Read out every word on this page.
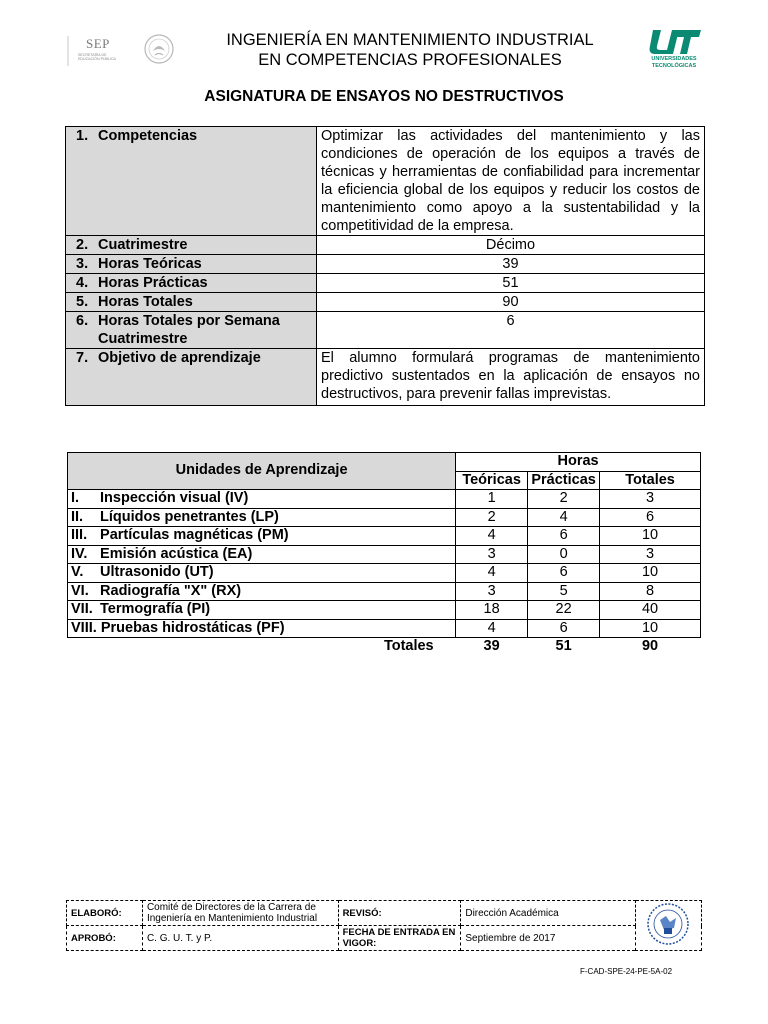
SEP
SECRETARÍA DE EDUCACIÓN PÚBLICA
INGENIERÍA EN MANTENIMIENTO INDUSTRIAL
EN COMPETENCIAS PROFESIONALES	UNIVERSIDADES
TECNOLÓGICAS
ASIGNATURA DE ENSAYOS NO DESTRUCTIVOS
1. Competencias	Optimizar las actividades del mantenimiento y las condiciones de operación de los equipos a través de técnicas y herramientas de confiabilidad para incrementar la eficiencia global de los equipos y reducir los costos de mantenimiento como apoyo a la sustentabilidad y la competitividad de la empresa.
2. Cuatrimestre	Décimo
3. Horas Teóricas	39
4. Horas Prácticas	51
5. Horas Totales	90
6. Horas Totales por Semana
Cuatrimestre	6
7. Objetivo de aprendizaje	El alumno formulará programas de mantenimiento predictivo sustentados en la aplicación de ensayos no destructivos, para prevenir fallas imprevistas.
Unidades de Aprendizaje	Horas		
	Teóricas	Prácticas	Totales
I. Inspección visual (IV)	1	2	3
II. Líquidos penetrantes (LP)	2	4	6
III. Partículas magnéticas (PM)	4	6	10
IV. Emisión acústica (EA)	3	0	3
V. Ultrasonido (UT)	4	6	10
VI. Radiografía "X" (RX)	3	5	8
VII. Termografía (PI)	18	22	40
VIII. Pruebas hidrostáticas (PF)	4	6	10
Totales	39	51	90
ELABORÓ:	Comité de Directores de la Carrera de Ingeniería en Mantenimiento Industrial	REVISÓ:	Dirección Académica	
APROBÓ:	C. G. U. T. y P.	FECHA DE ENTRADA EN VIGOR:	Septiembre de 2017	
F-CAD-SPE-24-PE-5A-02
